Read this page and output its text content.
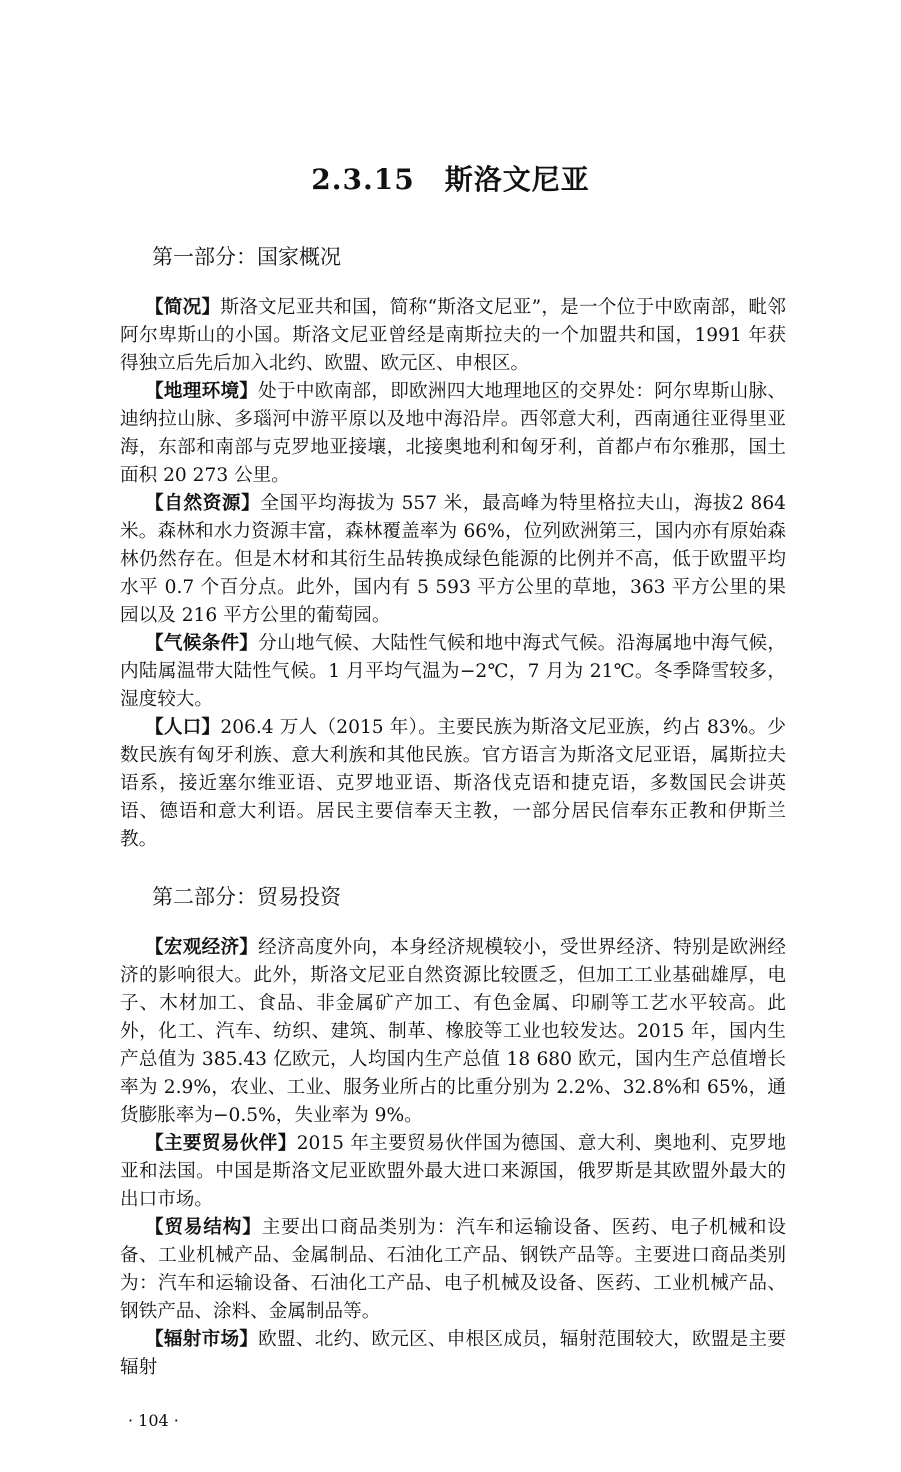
2.3.15 斯洛文尼亚
第一部分：国家概况

【简况】斯洛文尼亚共和国，简称“斯洛文尼亚”，是一个位于中欧南部，毗邻阿尔卑斯山的小国。斯洛文尼亚曾经是南斯拉夫的一个加盟共和国，1991 年获得独立后先后加入北约、欧盟、欧元区、申根区。

【地理环境】处于中欧南部，即欧洲四大地理地区的交界处：阿尔卑斯山脉、迪纳拉山脉、多瑙河中游平原以及地中海沿岸。西邻意大利，西南通往亚得里亚海，东部和南部与克罗地亚接壤，北接奥地利和匈牙利，首都卢布尔雅那，国土面积 20 273 公里。

【自然资源】全国平均海拔为 557 米，最高峰为特里格拉夫山，海拔2 864米。森林和水力资源丰富，森林覆盖率为 66%，位列欧洲第三，国内亦有原始森林仍然存在。但是木材和其衍生品转换成绿色能源的比例并不高，低于欧盟平均水平 0.7 个百分点。此外，国内有 5 593 平方公里的草地，363 平方公里的果园以及 216 平方公里的葡萄园。

【气候条件】分山地气候、大陆性气候和地中海式气候。沿海属地中海气候，内陆属温带大陆性气候。1 月平均气温为−2℃，7 月为 21℃。冬季降雪较多，湿度较大。

【人口】206.4 万人（2015 年）。主要民族为斯洛文尼亚族，约占 83%。少数民族有匈牙利族、意大利族和其他民族。官方语言为斯洛文尼亚语，属斯拉夫语系，接近塞尔维亚语、克罗地亚语、斯洛伐克语和捷克语，多数国民会讲英语、德语和意大利语。居民主要信奉天主教，一部分居民信奉东正教和伊斯兰教。

第二部分：贸易投资

【宏观经济】经济高度外向，本身经济规模较小，受世界经济、特别是欧洲经济的影响很大。此外，斯洛文尼亚自然资源比较匮乏，但加工工业基础雄厚，电子、木材加工、食品、非金属矿产加工、有色金属、印刷等工艺水平较高。此外，化工、汽车、纺织、建筑、制革、橡胶等工业也较发达。2015 年，国内生产总值为 385.43 亿欧元，人均国内生产总值 18 680 欧元，国内生产总值增长率为 2.9%，农业、工业、服务业所占的比重分别为 2.2%、32.8%和 65%，通货膨胀率为−0.5%，失业率为 9%。

【主要贸易伙伴】2015 年主要贸易伙伴国为德国、意大利、奥地利、克罗地亚和法国。中国是斯洛文尼亚欧盟外最大进口来源国，俄罗斯是其欧盟外最大的出口市场。

【贸易结构】主要出口商品类别为：汽车和运输设备、医药、电子机械和设备、工业机械产品、金属制品、石油化工产品、钢铁产品等。主要进口商品类别为：汽车和运输设备、石油化工产品、电子机械及设备、医药、工业机械产品、钢铁产品、涂料、金属制品等。

【辐射市场】欧盟、北约、欧元区、申根区成员，辐射范围较大，欧盟是主要辐射

· 104 ·
